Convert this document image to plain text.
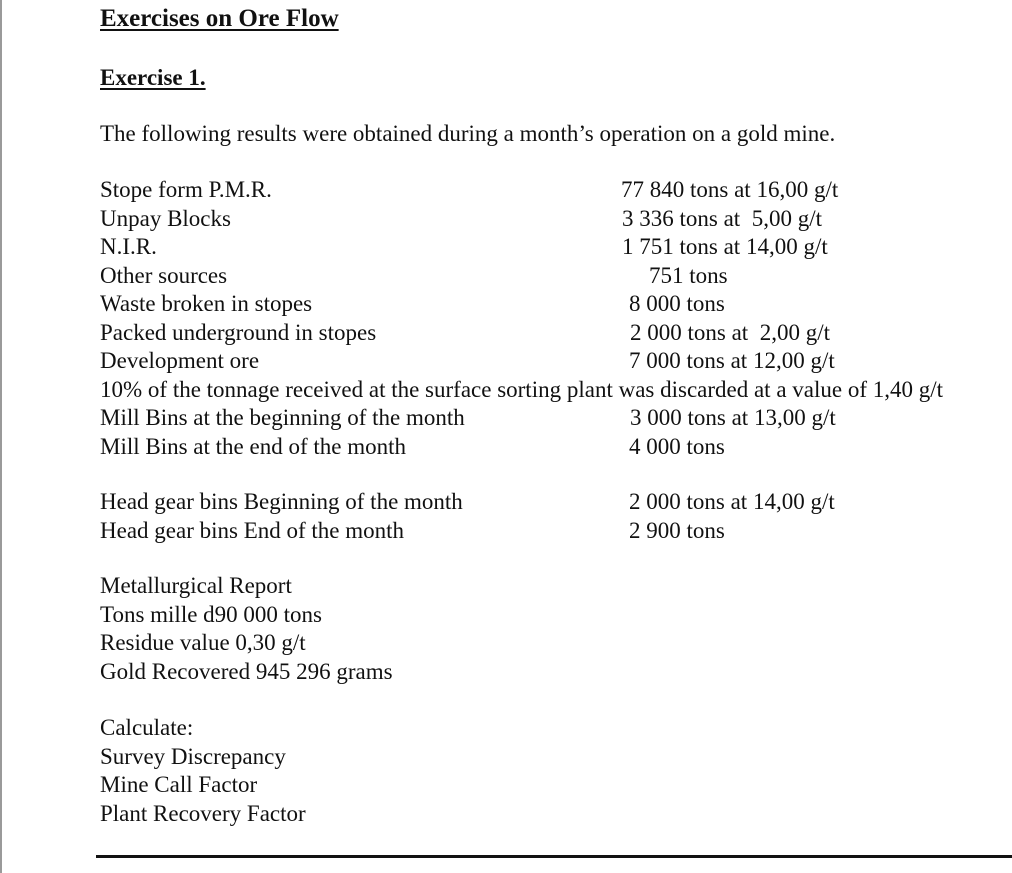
Exercises on Ore Flow
Exercise 1.
The following results were obtained during a month’s operation on a gold mine.
Stope form P.M.R.	77 840 tons at 16,00 g/t
Unpay Blocks	3 336 tons at  5,00 g/t
N.I.R.	1 751 tons at 14,00 g/t
Other sources	751 tons
Waste broken in stopes	8 000 tons
Packed underground in stopes	2 000 tons at  2,00 g/t
Development ore	7 000 tons at 12,00 g/t
10% of the tonnage received at the surface sorting plant was discarded at a value of 1,40 g/t
Mill Bins at the beginning of the month	3 000 tons at 13,00 g/t
Mill Bins at the end of the month	4 000 tons
Head gear bins Beginning of the month	2 000 tons at 14,00 g/t
Head gear bins End of the month	2 900 tons
Metallurgical Report
Tons mille d90 000 tons
Residue value 0,30 g/t
Gold Recovered 945 296 grams
Calculate:
Survey Discrepancy
Mine Call Factor
Plant Recovery Factor
